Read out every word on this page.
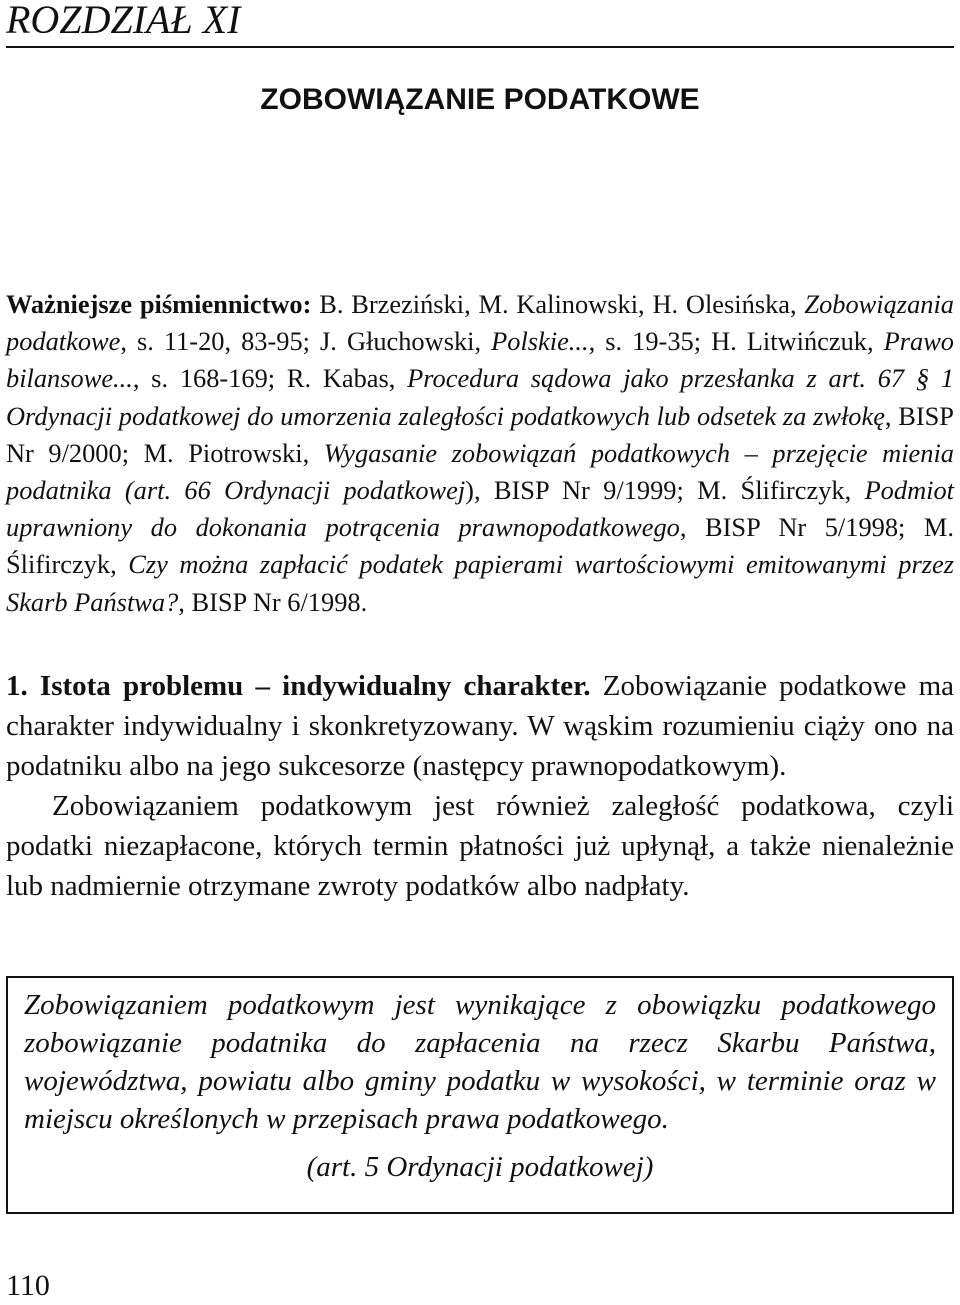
ROZDZIAŁ XI
ZOBOWIĄZANIE PODATKOWE

Ważniejsze piśmiennictwo: B. Brzeziński, M. Kalinowski, H. Olesińska, Zobowiązania podatkowe, s. 11-20, 83-95; J. Głuchowski, Polskie..., s. 19-35; H. Litwińczuk, Prawo bilansowe..., s. 168-169; R. Kabas, Procedura sądowa jako przesłanka z art. 67 § 1 Ordynacji podatkowej do umorzenia zaległości podatkowych lub odsetek za zwłokę, BISP Nr 9/2000; M. Piotrowski, Wygasanie zobowiązań podatkowych – przejęcie mienia podatnika (art. 66 Ordynacji podatkowej), BISP Nr 9/1999; M. Ślifirczyk, Podmiot uprawniony do dokonania potrącenia prawnopodatkowego, BISP Nr 5/1998; M. Ślifirczyk, Czy można zapłacić podatek papierami wartościowymi emitowanymi przez Skarb Państwa?, BISP Nr 6/1998.

1. Istota problemu – indywidualny charakter. Zobowiązanie podatkowe ma charakter indywidualny i skonkretyzowany. W wąskim rozumieniu ciąży ono na podatniku albo na jego sukcesorze (następcy prawnopodatkowym).

Zobowiązaniem podatkowym jest również zaległość podatkowa, czyli podatki niezapłacone, których termin płatności już upłynął, a także nienależnie lub nadmiernie otrzymane zwroty podatków albo nadpłaty.

Zobowiązaniem podatkowym jest wynikające z obowiązku podatkowego zobowiązanie podatnika do zapłacenia na rzecz Skarbu Państwa, województwa, powiatu albo gminy podatku w wysokości, w terminie oraz w miejscu określonych w przepisach prawa podatkowego.

(art. 5 Ordynacji podatkowej)

110
